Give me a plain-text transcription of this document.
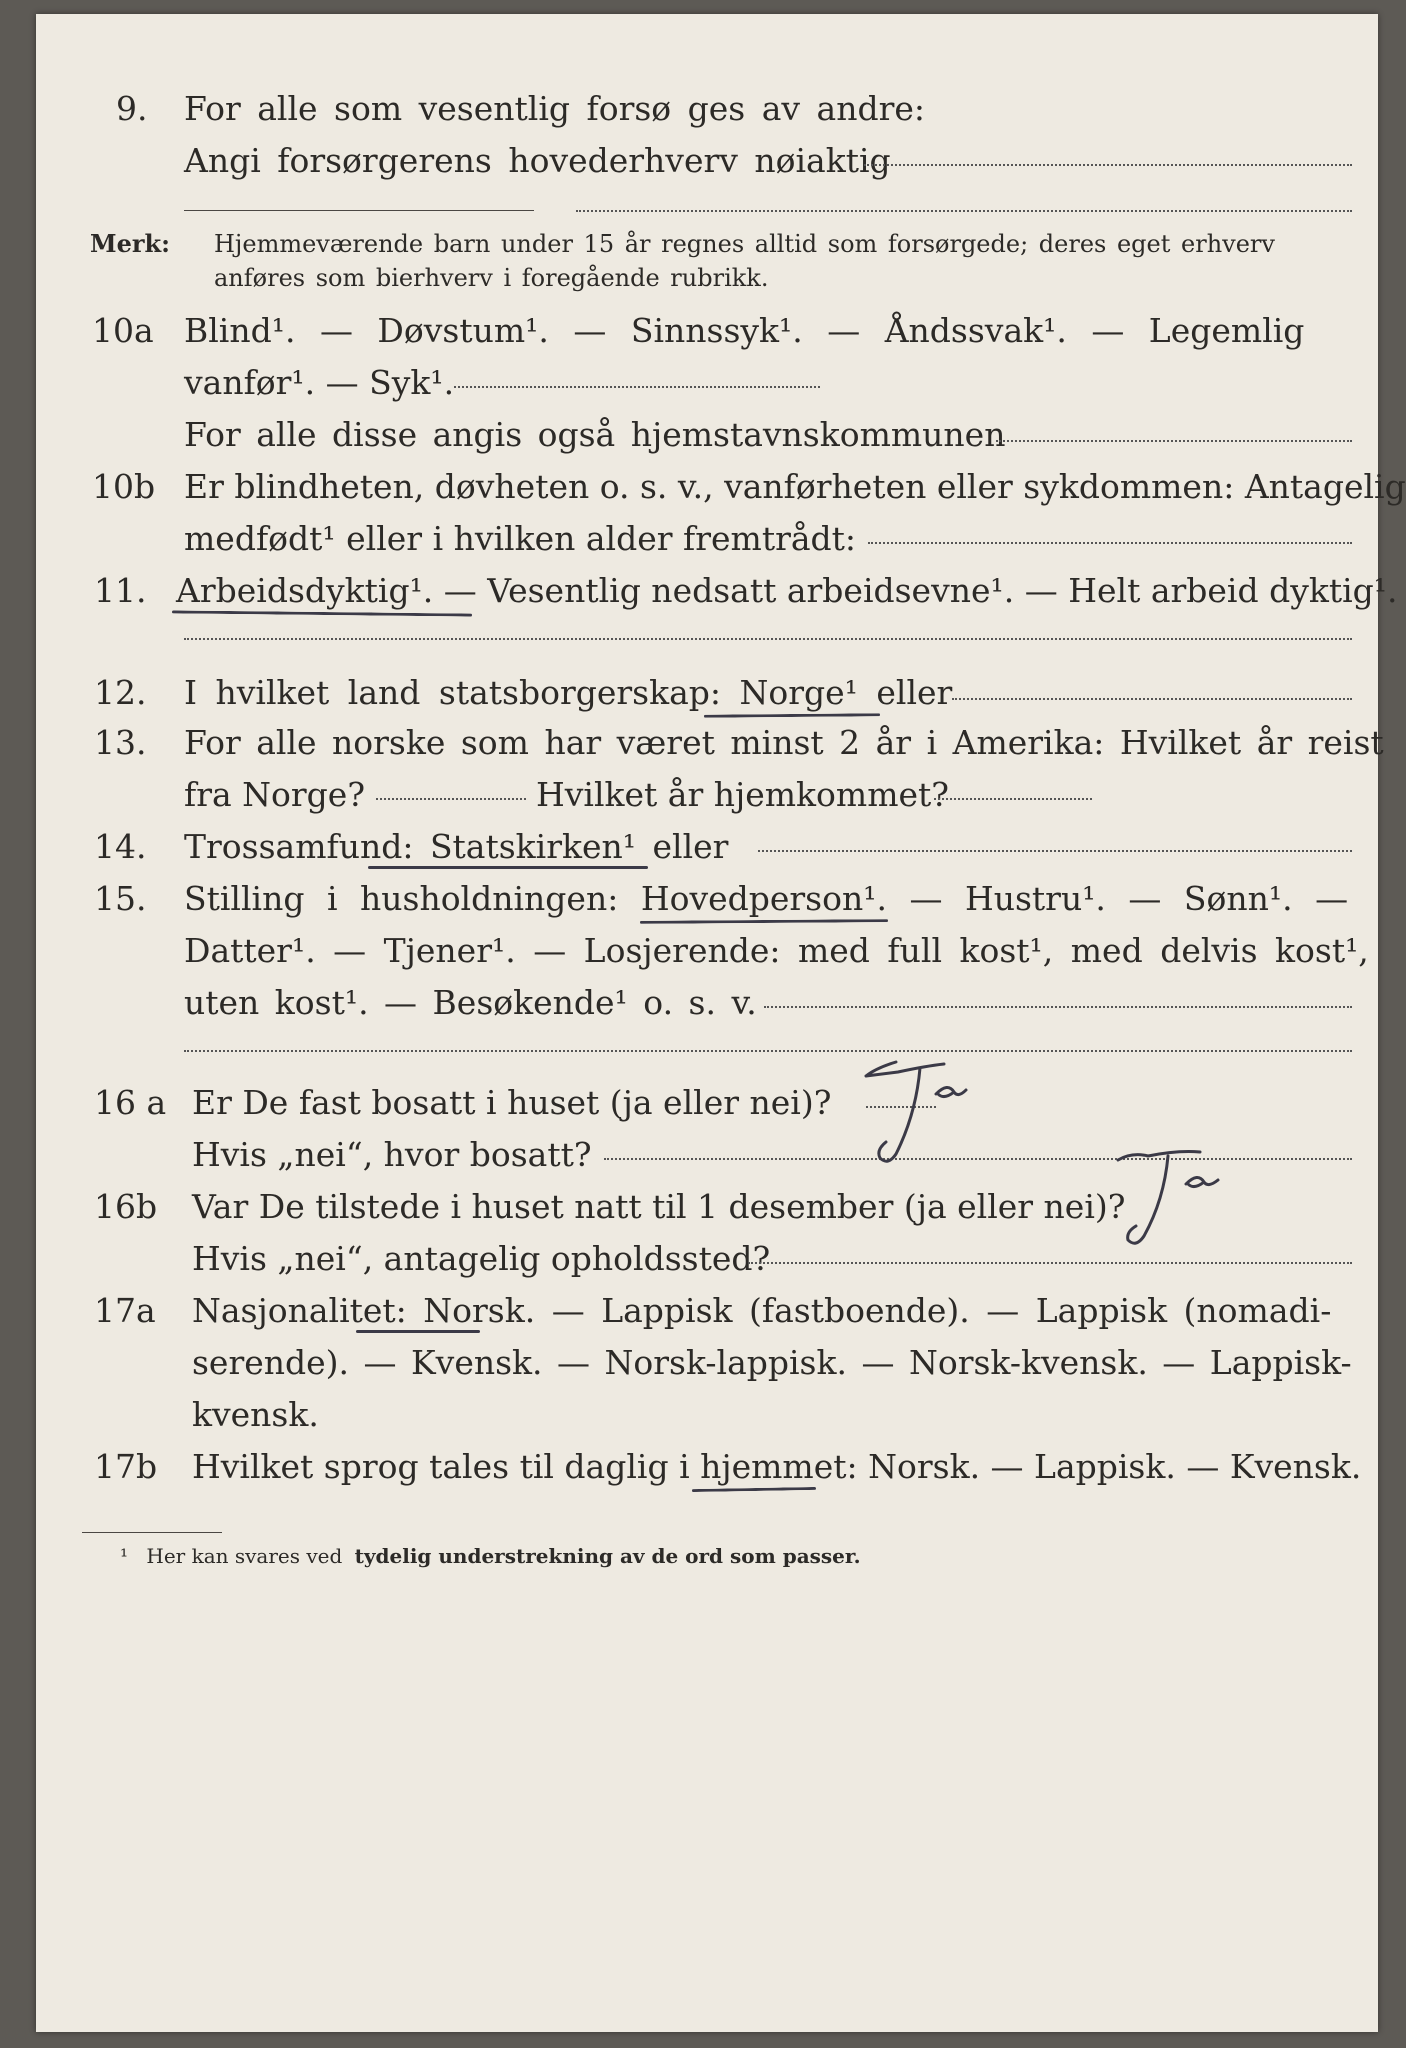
9. For alle som vesentlig forsø ges av andre:
Angi forsørgerens hovederhverv nøiaktig
Merk: Hjemmeværende barn under 15 år regnes alltid som forsørgede; deres eget erhverv
anføres som bierhverv i foregående rubrikk.
10a Blind¹. — Døvstum¹. — Sinnssyk¹. — Åndssvak¹. — Legemlig
vanfør¹. — Syk¹.
For alle disse angis også hjemstavnskommunen
10b Er blindheten, døvheten o. s. v., vanførheten eller sykdommen: Antagelig
medfødt¹ eller i hvilken alder fremtrådt:
11. Arbeidsdyktig¹. — Vesentlig nedsatt arbeidsevne¹. — Helt arbeid dyktig¹.
12. I hvilket land statsborgerskap: Norge¹ eller
13. For alle norske som har været minst 2 år i Amerika: Hvilket år reist
fra Norge?	Hvilket år hjemkommet?
14. Trossamfund: Statskirken¹ eller
15. Stilling i husholdningen: Hovedperson¹. — Hustru¹. — Sønn¹. —
Datter¹. — Tjener¹. — Losjerende: med full kost¹, med delvis kost¹,
uten kost¹. — Besøkende¹ o. s. v.
16 a Er De fast bosatt i huset (ja eller nei)?
Hvis „nei“, hvor bosatt?
16b Var De tilstede i huset natt til 1 desember (ja eller nei)?
Hvis „nei“, antagelig opholdssted?
17a Nasjonalitet: Norsk. — Lappisk (fastboende). — Lappisk (nomadi-
serende). — Kvensk. — Norsk-lappisk. — Norsk-kvensk. — Lappisk-
kvensk.
17b Hvilket sprog tales til daglig i hjemmet: Norsk. — Lappisk. — Kvensk.
¹ Her kan svares ved tydelig understrekning av de ord som passer.
